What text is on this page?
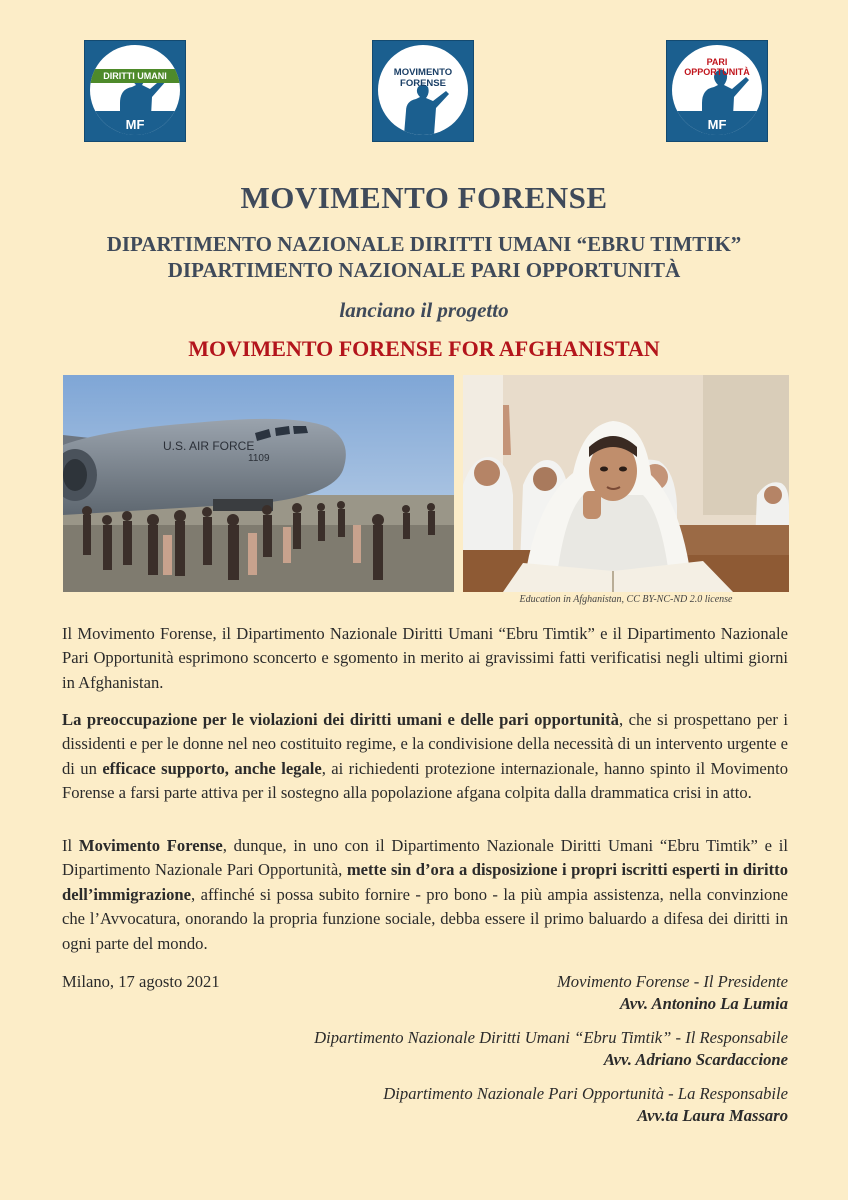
DIRITTI UMANI
MF
MOVIMENTO
FORENSE
PARI
OPPORTUNITÀ
MF
MOVIMENTO FORENSE
DIPARTIMENTO NAZIONALE DIRITTI UMANI “EBRU TIMTIK”
DIPARTIMENTO NAZIONALE PARI OPPORTUNITÀ
lanciano il progetto
MOVIMENTO FORENSE FOR AFGHANISTAN
U.S. AIR FORCE
1109
Education in Afghanistan, CC BY-NC-ND 2.0 license
Il Movimento Forense, il Dipartimento Nazionale Diritti Umani “Ebru Timtik” e il Dipartimento Nazionale Pari Opportunità esprimono sconcerto e sgomento in merito ai gravissimi fatti verificatisi negli ultimi giorni in Afghanistan.
La preoccupazione per le violazioni dei diritti umani e delle pari opportunità, che si prospettano per i dissidenti e per le donne nel neo costituito regime, e la condivisione della necessità di un intervento urgente e di un efficace supporto, anche legale, ai richiedenti protezione internazionale, hanno spinto il Movimento Forense a farsi parte attiva per il sostegno alla popolazione afgana colpita dalla drammatica crisi in atto.
Il Movimento Forense, dunque, in uno con il Dipartimento Nazionale Diritti Umani “Ebru Timtik” e il Dipartimento Nazionale Pari Opportunità, mette sin d’ora a disposizione i propri iscritti esperti in diritto dell’immigrazione, affinché si possa subito fornire - pro bono - la più ampia assistenza, nella convinzione che l’Avvocatura, onorando la propria funzione sociale, debba essere il primo baluardo a difesa dei diritti in ogni parte del mondo.
Milano, 17 agosto 2021	Movimento Forense - Il Presidente
Avv. Antonino La Lumia
Dipartimento Nazionale Diritti Umani “Ebru Timtik” - Il Responsabile
Avv. Adriano Scardaccione
Dipartimento Nazionale Pari Opportunità - La Responsabile
Avv.ta Laura Massaro
